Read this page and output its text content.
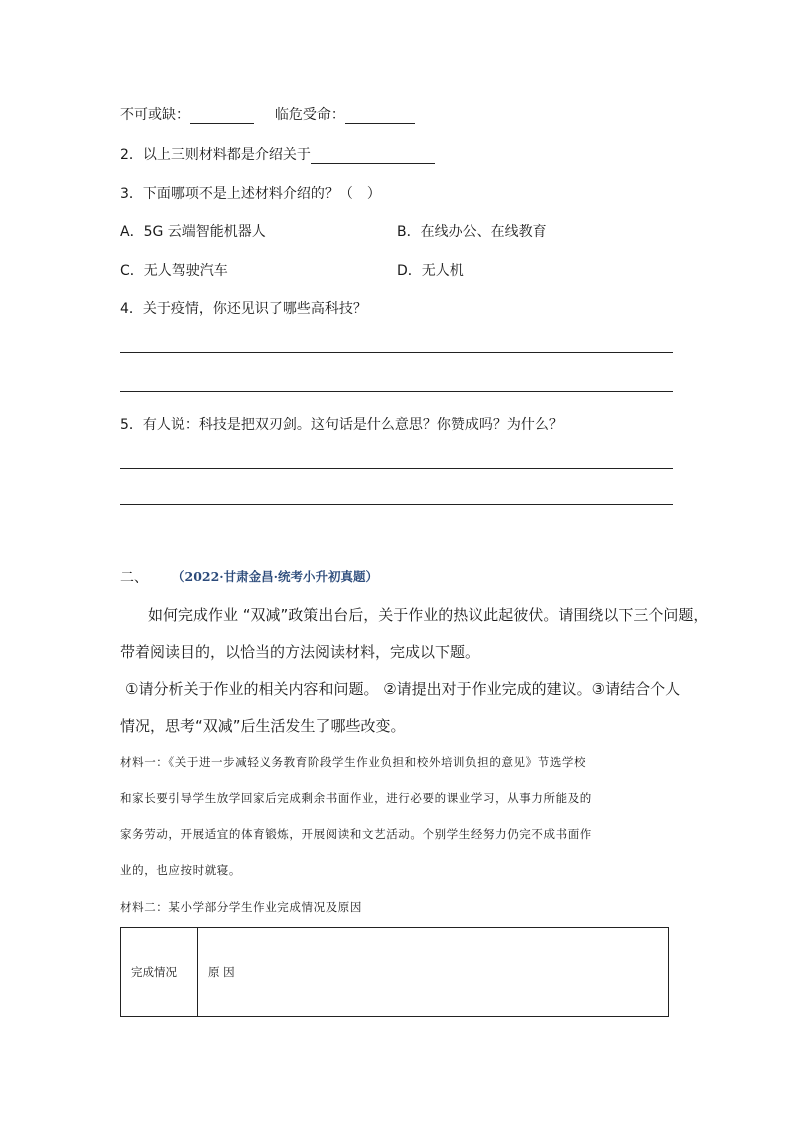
不可或缺：	临危受命：
2．以上三则材料都是介绍关于
3．下面哪项不是上述材料介绍的？（　）
A．5G 云端智能机器人	B．在线办公、在线教育
C．无人驾驶汽车	D．无人机
4．关于疫情，你还见识了哪些高科技？
5．有人说：科技是把双刃剑。这句话是什么意思？你赞成吗？为什么？
二、 （2022·甘肃金昌·统考小升初真题）
如何完成作业 “双减”政策出台后，关于作业的热议此起彼伏。请围绕以下三个问题，
带着阅读目的，以恰当的方法阅读材料，完成以下题。
①请分析关于作业的相关内容和问题。 ②请提出对于作业完成的建议。③请结合个人
情况，思考“双减”后生活发生了哪些改变。
材料一：《关于进一步减轻义务教育阶段学生作业负担和校外培训负担的意见》节选学校
和家长要引导学生放学回家后完成剩余书面作业，进行必要的课业学习，从事力所能及的
家务劳动，开展适宜的体育锻炼，开展阅读和文艺活动。个别学生经努力仍完不成书面作
业的，也应按时就寝。
材料二：某小学部分学生作业完成情况及原因
完成情况	原 因
